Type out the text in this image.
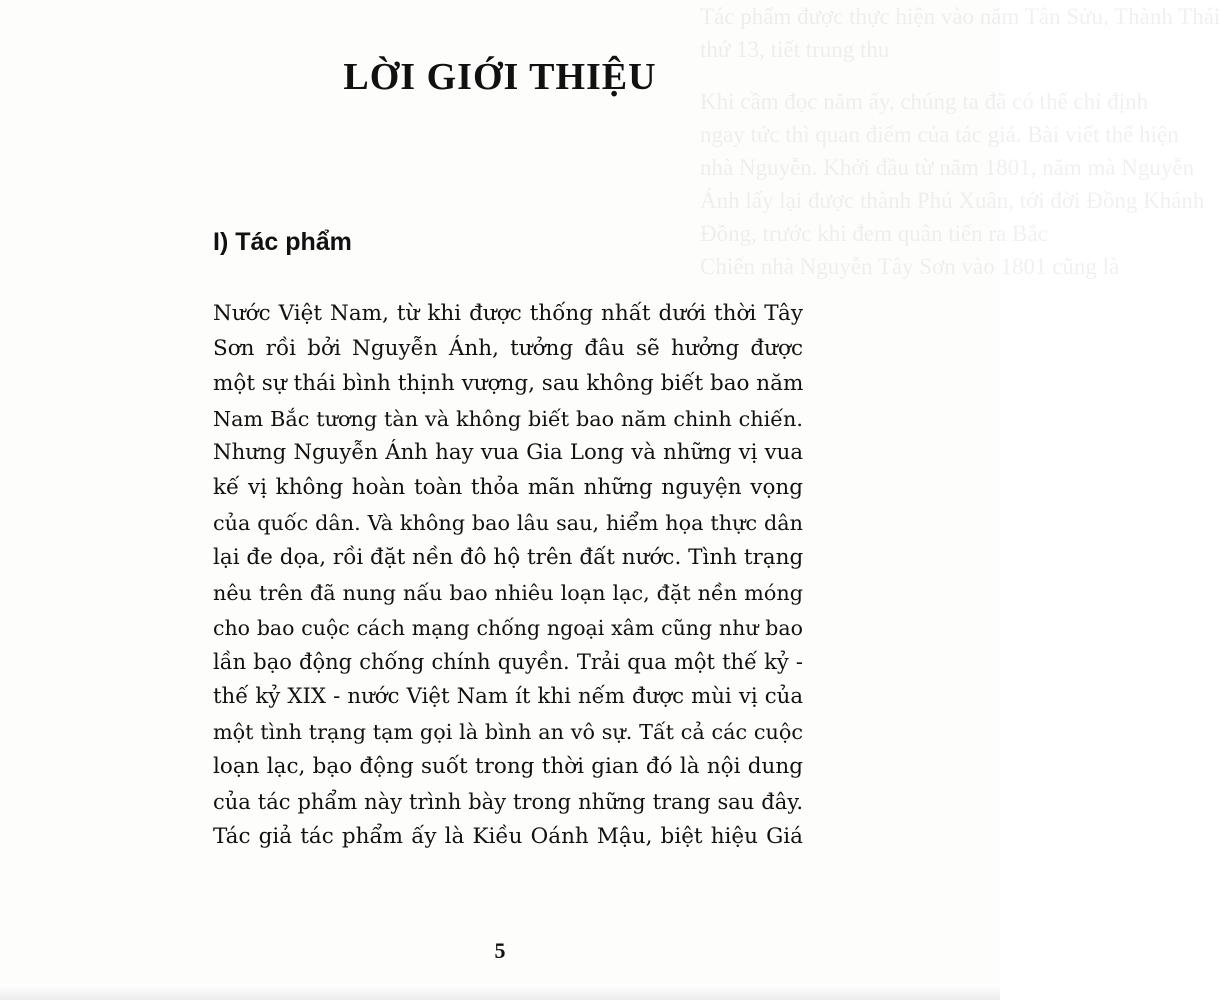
Tác phẩm được thực hiện vào năm Tân Sửu, Thành Thái
thứ 13, tiết trung thu
Khi cầm đọc năm ấy, chúng ta đã có thể chỉ định
ngay tức thì quan điểm của tác giả. Bài viết thể hiện
nhà Nguyễn. Khởi đầu từ năm 1801, năm mà Nguyễn
Ánh lấy lại được thành Phú Xuân, tới đời Đồng Khánh
Đồng, trước khi đem quân tiến ra Bắc
Chiến nhà Nguyễn Tây Sơn vào 1801 cũng là
LỜI GIỚI THIỆU
I) Tác phẩm
Nước Việt Nam, từ khi được thống nhất dưới thời Tây
Sơn rồi bởi Nguyễn Ánh, tưởng đâu sẽ hưởng được
một sự thái bình thịnh vượng, sau không biết bao năm
Nam Bắc tương tàn và không biết bao năm chinh chiến.
Nhưng Nguyễn Ánh hay vua Gia Long và những vị vua
kế vị không hoàn toàn thỏa mãn những nguyện vọng
của quốc dân. Và không bao lâu sau, hiểm họa thực dân
lại đe dọa, rồi đặt nền đô hộ trên đất nước. Tình trạng
nêu trên đã nung nấu bao nhiêu loạn lạc, đặt nền móng
cho bao cuộc cách mạng chống ngoại xâm cũng như bao
lần bạo động chống chính quyền. Trải qua một thế kỷ -
thế kỷ XIX - nước Việt Nam ít khi nếm được mùi vị của
một tình trạng tạm gọi là bình an vô sự. Tất cả các cuộc
loạn lạc, bạo động suốt trong thời gian đó là nội dung
của tác phẩm này trình bày trong những trang sau đây.
Tác giả tác phẩm ấy là Kiều Oánh Mậu, biệt hiệu Giá
5
